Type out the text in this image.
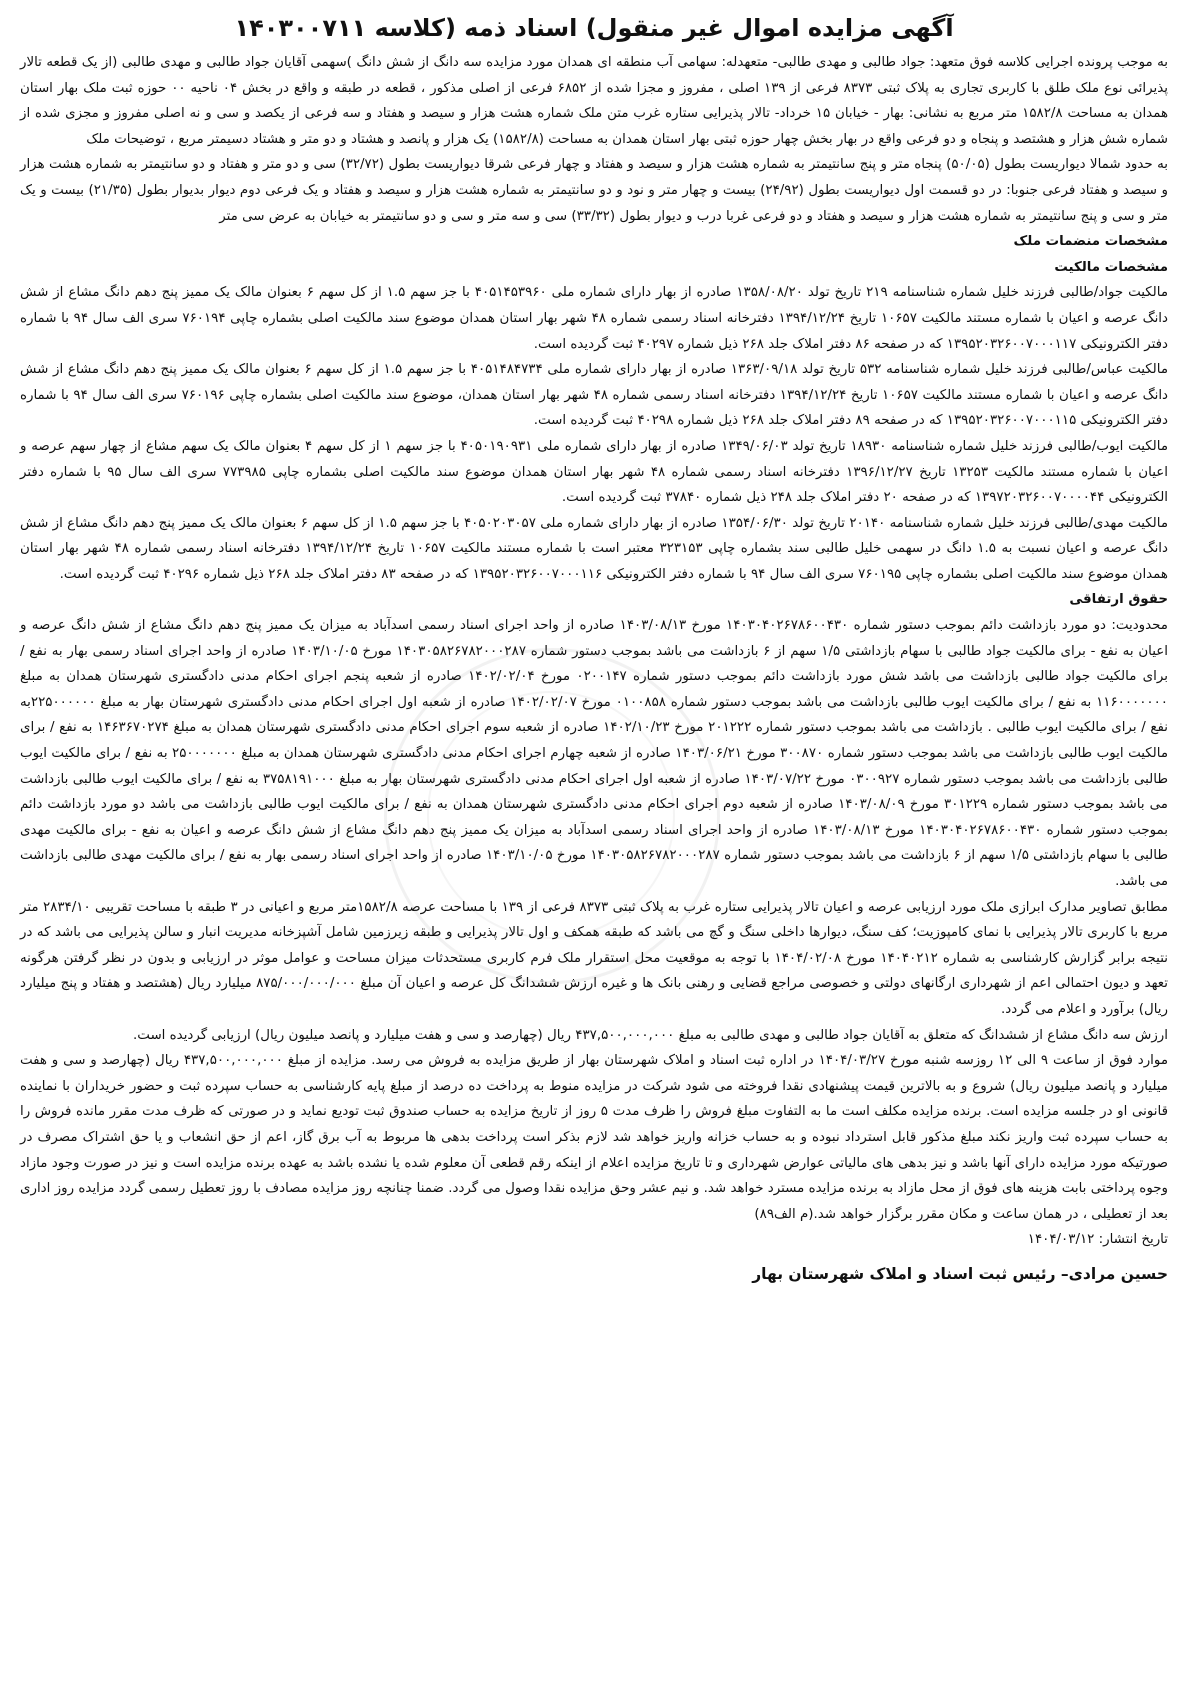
آگهی مزایده اموال غیر منقول) اسناد ذمه (کلاسه ۱۴۰۳۰۰۷۱۱

به موجب پرونده اجرایی کلاسه فوق متعهد: جواد طالبی و مهدی طالبی- متعهدله: سهامی آب منطقه ای همدان مورد مزایده سه دانگ از شش دانگ )سهمی آقایان جواد طالبی و مهدی طالبی (از یک قطعه تالار پذیرائی نوع ملک طلق با کاربری تجاری به پلاک ثبتی ۸۳۷۳ فرعی از ۱۳۹ اصلی ، مفروز و مجزا شده از ۶۸۵۲ فرعی از اصلی مذکور ، قطعه در طبقه و واقع در بخش ۰۴ ناحیه ۰۰ حوزه ثبت ملک بهار استان همدان به مساحت ۱۵۸۲/۸ متر مربع به نشانی: بهار - خیابان ۱۵ خرداد- تالار پذیرایی ستاره غرب متن ملک شماره هشت هزار و سیصد و هفتاد و سه فرعی از یکصد و سی و نه اصلی مفروز و مجزی شده از شماره شش هزار و هشتصد و پنجاه و دو فرعی واقع در بهار بخش چهار حوزه ثبتی بهار استان همدان به مساحت (۱۵۸۲/۸) یک هزار و پانصد و هشتاد و دو متر و هشتاد دسیمتر مربع ، توضیحات ملک

به حدود شمالا دیواریست بطول (۵۰/۰۵) پنجاه متر و پنج سانتیمتر به شماره هشت هزار و سیصد و هفتاد و چهار فرعی شرقا دیواریست بطول (۳۲/۷۲) سی و دو متر و هفتاد و دو سانتیمتر به شماره هشت هزار و سیصد و هفتاد فرعی جنوبا: در دو قسمت اول دیواریست بطول (۲۴/۹۲) بیست و چهار متر و نود و دو سانتیمتر به شماره هشت هزار و سیصد و هفتاد و یک فرعی دوم دیوار بدیوار بطول (۲۱/۳۵) بیست و یک متر و سی و پنج سانتیمتر به شماره هشت هزار و سیصد و هفتاد و دو فرعی غربا درب و دیوار بطول (۳۳/۳۲) سی و سه متر و سی و دو سانتیمتر به خیابان به عرض سی متر

مشخصات منضمات ملک

مشخصات مالکیت

مالکیت جواد/طالبی فرزند خلیل شماره شناسنامه ۲۱۹ تاریخ تولد ۱۳۵۸/۰۸/۲۰ صادره از بهار دارای شماره ملی ۴۰۵۱۴۵۳۹۶۰ با جز سهم ۱.۵ از کل سهم ۶ بعنوان مالک یک ممیز پنج دهم دانگ مشاع از شش دانگ عرصه و اعیان با شماره مستند مالکیت ۱۰۶۵۷ تاریخ ۱۳۹۴/۱۲/۲۴ دفترخانه اسناد رسمی شماره ۴۸ شهر بهار استان همدان موضوع سند مالکیت اصلی بشماره چاپی ۷۶۰۱۹۴ سری الف سال ۹۴ با شماره دفتر الکترونیکی ۱۳۹۵۲۰۳۲۶۰۰۷۰۰۰۱۱۷ که در صفحه ۸۶ دفتر املاک جلد ۲۶۸ ذیل شماره ۴۰۲۹۷ ثبت گردیده است.

مالکیت عباس/طالبی فرزند خلیل شماره شناسنامه ۵۳۲ تاریخ تولد ۱۳۶۳/۰۹/۱۸ صادره از بهار دارای شماره ملی ۴۰۵۱۴۸۴۷۳۴ با جز سهم ۱.۵ از کل سهم ۶ بعنوان مالک یک ممیز پنج دهم دانگ مشاع از شش دانگ عرصه و اعیان با شماره مستند مالکیت ۱۰۶۵۷ تاریخ ۱۳۹۴/۱۲/۲۴ دفترخانه اسناد رسمی شماره ۴۸ شهر بهار استان همدان، موضوع سند مالکیت اصلی بشماره چاپی ۷۶۰۱۹۶ سری الف سال ۹۴ با شماره دفتر الکترونیکی ۱۳۹۵۲۰۳۲۶۰۰۷۰۰۰۱۱۵ که در صفحه ۸۹ دفتر املاک جلد ۲۶۸ ذیل شماره ۴۰۲۹۸ ثبت گردیده است.

مالکیت ایوب/طالبی فرزند خلیل شماره شناسنامه ۱۸۹۳۰ تاریخ تولد ۱۳۴۹/۰۶/۰۳ صادره از بهار دارای شماره ملی ۴۰۵۰۱۹۰۹۳۱ با جز سهم ۱ از کل سهم ۴ بعنوان مالک یک سهم مشاع از چهار سهم عرصه و اعیان با شماره مستند مالکیت ۱۳۲۵۳ تاریخ ۱۳۹۶/۱۲/۲۷ دفترخانه اسناد رسمی شماره ۴۸ شهر بهار استان همدان موضوع سند مالکیت اصلی بشماره چاپی ۷۷۳۹۸۵ سری الف سال ۹۵ با شماره دفتر الکترونیکی ۱۳۹۷۲۰۳۲۶۰۰۷۰۰۰۰۴۴ که در صفحه ۲۰ دفتر املاک جلد ۲۴۸ ذیل شماره ۳۷۸۴۰ ثبت گردیده است.

مالکیت مهدی/طالبی فرزند خلیل شماره شناسنامه ۲۰۱۴۰ تاریخ تولد ۱۳۵۴/۰۶/۳۰ صادره از بهار دارای شماره ملی ۴۰۵۰۲۰۳۰۵۷ با جز سهم ۱.۵ از کل سهم ۶ بعنوان مالک یک ممیز پنج دهم دانگ مشاع از شش دانگ عرصه و اعیان نسبت به ۱.۵ دانگ در سهمی خلیل طالبی سند بشماره چاپی ۳۲۳۱۵۳ معتبر است با شماره مستند مالکیت ۱۰۶۵۷ تاریخ ۱۳۹۴/۱۲/۲۴ دفترخانه اسناد رسمی شماره ۴۸ شهر بهار استان همدان موضوع سند مالکیت اصلی بشماره چاپی ۷۶۰۱۹۵ سری الف سال ۹۴ با شماره دفتر الکترونیکی ۱۳۹۵۲۰۳۲۶۰۰۷۰۰۰۱۱۶ که در صفحه ۸۳ دفتر املاک جلد ۲۶۸ ذیل شماره ۴۰۲۹۶ ثبت گردیده است.

حقوق ارتفاقی

محدودیت: دو مورد بازداشت دائم بموجب دستور شماره ۱۴۰۳۰۴۰۲۶۷۸۶۰۰۴۳۰ مورخ ۱۴۰۳/۰۸/۱۳ صادره از واحد اجرای اسناد رسمی اسدآباد به میزان یک ممیز پنج دهم دانگ مشاع از شش دانگ عرصه و اعیان به نفع - برای مالکیت جواد طالبی با سهام بازداشتی ۱/۵ سهم از ۶ بازداشت می باشد بموجب دستور شماره ۱۴۰۳۰۵۸۲۶۷۸۲۰۰۰۲۸۷ مورخ ۱۴۰۳/۱۰/۰۵ صادره از واحد اجرای اسناد رسمی بهار به نفع / برای مالکیت جواد طالبی بازداشت می باشد شش مورد بازداشت دائم بموجب دستور شماره ۰۲۰۰۱۴۷ مورخ ۱۴۰۲/۰۲/۰۴ صادره از شعبه پنجم اجرای احکام مدنی دادگستری شهرستان همدان به مبلغ ۱۱۶۰۰۰۰۰۰۰ به نفع / برای مالکیت ایوب طالبی بازداشت می باشد بموجب دستور شماره ۰۱۰۰۸۵۸ مورخ ۱۴۰۲/۰۲/۰۷ صادره از شعبه اول اجرای احکام مدنی دادگستری شهرستان بهار به مبلغ ۲۲۵۰۰۰۰۰۰به نفع / برای مالکیت ایوب طالبی . بازداشت می باشد بموجب دستور شماره ۲۰۱۲۲۲ مورخ ۱۴۰۲/۱۰/۲۳ صادره از شعبه سوم اجرای احکام مدنی دادگستری شهرستان همدان به مبلغ ۱۴۶۳۶۷۰۲۷۴ به نفع / برای مالکیت ایوب طالبی بازداشت می باشد بموجب دستور شماره ۳۰۰۸۷۰ مورخ ۱۴۰۳/۰۶/۲۱ صادره از شعبه چهارم اجرای احکام مدنی دادگستری شهرستان همدان به مبلغ ۲۵۰۰۰۰۰۰۰ به نفع / برای مالکیت ایوب طالبی بازداشت می باشد بموجب دستور شماره ۰۳۰۰۹۲۷ مورخ ۱۴۰۳/۰۷/۲۲ صادره از شعبه اول اجرای احکام مدنی دادگستری شهرستان بهار به مبلغ ۳۷۵۸۱۹۱۰۰۰ به نفع / برای مالکیت ایوب طالبی بازداشت می باشد بموجب دستور شماره ۳۰۱۲۲۹ مورخ ۱۴۰۳/۰۸/۰۹ صادره از شعبه دوم اجرای احکام مدنی دادگستری شهرستان همدان به نفع / برای مالکیت ایوب طالبی بازداشت می باشد دو مورد بازداشت دائم بموجب دستور شماره ۱۴۰۳۰۴۰۲۶۷۸۶۰۰۴۳۰ مورخ ۱۴۰۳/۰۸/۱۳ صادره از واحد اجرای اسناد رسمی اسدآباد به میزان یک ممیز پنج دهم دانگ مشاع از شش دانگ عرصه و اعیان به نفع - برای مالکیت مهدی طالبی با سهام بازداشتی ۱/۵ سهم از ۶ بازداشت می باشد بموجب دستور شماره ۱۴۰۳۰۵۸۲۶۷۸۲۰۰۰۲۸۷ مورخ ۱۴۰۳/۱۰/۰۵ صادره از واحد اجرای اسناد رسمی بهار به نفع / برای مالکیت مهدی طالبی بازداشت می باشد.

مطابق تصاویر مدارک ابرازی ملک مورد ارزیابی عرصه و اعیان تالار پذیرایی ستاره غرب به پلاک ثبتی ۸۳۷۳ فرعی از ۱۳۹ با مساحت عرصه ۱۵۸۲/۸متر مربع و اعیانی در ۳ طبقه با مساحت تقریبی ۲۸۳۴/۱۰ متر مربع با کاربری تالار پذیرایی با نمای کامپوزیت؛ کف سنگ، دیوارها داخلی سنگ و گچ می باشد که طبقه همکف و اول تالار پذیرایی و طبقه زیرزمین شامل آشپزخانه مدیریت انبار و سالن پذیرایی می باشد که در نتیجه برابر گزارش کارشناسی به شماره ۱۴۰۴۰۲۱۲ مورخ ۱۴۰۴/۰۲/۰۸ با توجه به موقعیت محل استقرار ملک فرم کاربری مستحدثات میزان مساحت و عوامل موثر در ارزیابی و بدون در نظر گرفتن هرگونه تعهد و دیون احتمالی اعم از شهرداری ارگانهای دولتی و خصوصی مراجع قضایی و رهنی بانک ها و غیره ارزش ششدانگ کل عرصه و اعیان آن مبلغ ۸۷۵/۰۰۰/۰۰۰/۰۰۰ میلیارد ریال (هشتصد و هفتاد و پنج میلیارد ریال) برآورد و اعلام می گردد.

ارزش سه دانگ مشاع از ششدانگ که متعلق به آقایان جواد طالبی و مهدی طالبی به مبلغ ۴۳۷,۵۰۰,۰۰۰,۰۰۰ ریال (چهارصد و سی و هفت میلیارد و پانصد میلیون ریال) ارزیابی گردیده است.

موارد فوق از ساعت ۹ الی ۱۲ روزسه شنبه مورخ ۱۴۰۴/۰۳/۲۷ در اداره ثبت اسناد و املاک شهرستان بهار از طریق مزایده به فروش می رسد. مزایده از مبلغ ۴۳۷,۵۰۰,۰۰۰,۰۰۰ ریال (چهارصد و سی و هفت میلیارد و پانصد میلیون ریال) شروع و به بالاترین قیمت پیشنهادی نقدا فروخته می شود شرکت در مزایده منوط به پرداخت ده درصد از مبلغ پایه کارشناسی به حساب سپرده ثبت و حضور خریداران با نماینده قانونی او در جلسه مزایده است. برنده مزایده مکلف است ما به التفاوت مبلغ فروش را ظرف مدت ۵ روز از تاریخ مزایده به حساب صندوق ثبت تودیع نماید و در صورتی که ظرف مدت مقرر مانده فروش را به حساب سپرده ثبت واریز نکند مبلغ مذکور قابل استرداد نبوده و به حساب خزانه واریز خواهد شد لازم بذکر است پرداخت بدهی ها مربوط به آب برق گاز، اعم از حق انشعاب و یا حق اشتراک مصرف در صورتیکه مورد مزایده دارای آنها باشد و نیز بدهی های مالیاتی عوارض شهرداری و تا تاریخ مزایده اعلام از اینکه رقم قطعی آن معلوم شده یا نشده باشد به عهده برنده مزایده است و نیز در صورت وجود مازاد وجوه پرداختی بابت هزینه های فوق از محل مازاد به برنده مزایده مسترد خواهد شد. و نیم عشر وحق مزایده نقدا وصول می گردد. ضمنا چنانچه روز مزایده مصادف با روز تعطیل رسمی گردد مزایده روز اداری بعد از تعطیلی ، در همان ساعت و مکان مقرر برگزار خواهد شد.(م الف۸۹)

تاریخ انتشار: ۱۴۰۴/۰۳/۱۲

حسین مرادی– رئیس ثبت اسناد و املاک شهرستان بهار
